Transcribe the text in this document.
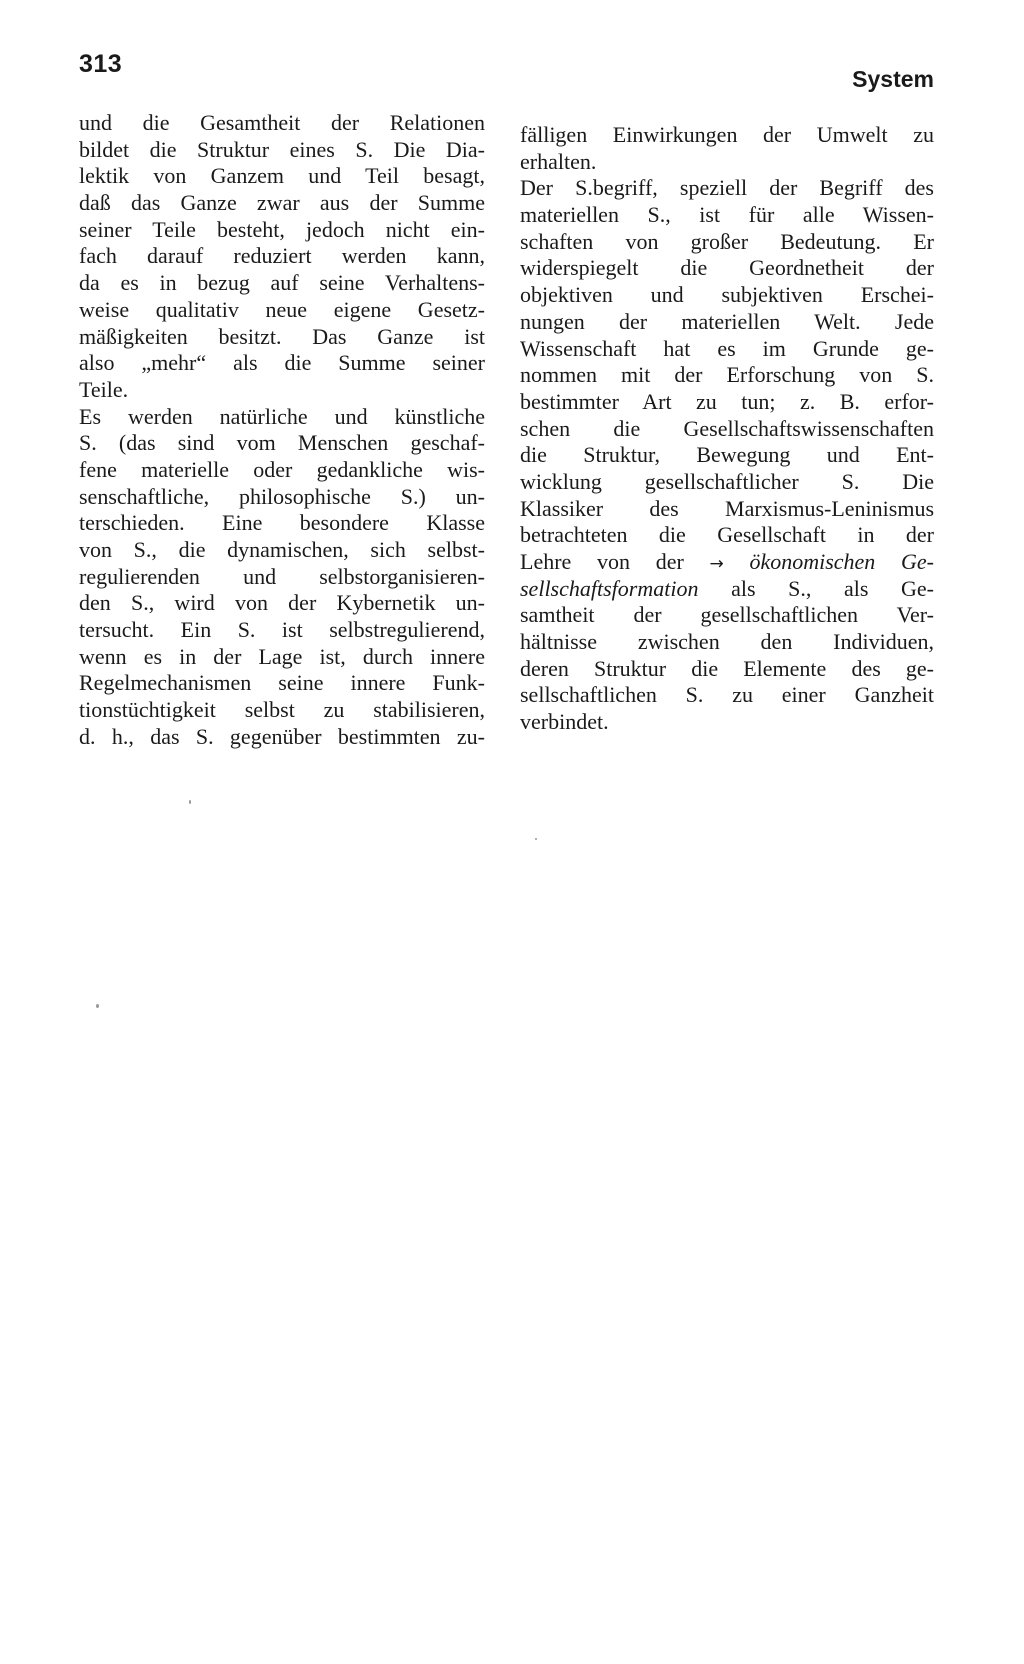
313
System
und die Gesamtheit der Relationen
bildet die Struktur eines S. Die Dia-
lektik von Ganzem und Teil besagt,
daß das Ganze zwar aus der Summe
seiner Teile besteht, jedoch nicht ein-
fach darauf reduziert werden kann,
da es in bezug auf seine Verhaltens-
weise qualitativ neue eigene Gesetz-
mäßigkeiten besitzt. Das Ganze ist
also „mehr“ als die Summe seiner
Teile.
Es werden natürliche und künstliche
S. (das sind vom Menschen geschaf-
fene materielle oder gedankliche wis-
senschaftliche, philosophische S.) un-
terschieden. Eine besondere Klasse
von S., die dynamischen, sich selbst-
regulierenden und selbstorganisieren-
den S., wird von der Kybernetik un-
tersucht. Ein S. ist selbstregulierend,
wenn es in der Lage ist, durch innere
Regelmechanismen seine innere Funk-
tionstüchtigkeit selbst zu stabilisieren,
d. h., das S. gegenüber bestimmten zu-
fälligen Einwirkungen der Umwelt zu
erhalten.
Der S.begriff, speziell der Begriff des
materiellen S., ist für alle Wissen-
schaften von großer Bedeutung. Er
widerspiegelt die Geordnetheit der
objektiven und subjektiven Erschei-
nungen der materiellen Welt. Jede
Wissenschaft hat es im Grunde ge-
nommen mit der Erforschung von S.
bestimmter Art zu tun; z. B. erfor-
schen die Gesellschaftswissenschaften
die Struktur, Bewegung und Ent-
wicklung gesellschaftlicher S. Die
Klassiker des Marxismus-Leninismus
betrachteten die Gesellschaft in der
Lehre von der → ökonomischen Ge-
sellschaftsformation als S., als Ge-
samtheit der gesellschaftlichen Ver-
hältnisse zwischen den Individuen,
deren Struktur die Elemente des ge-
sellschaftlichen S. zu einer Ganzheit
verbindet.
